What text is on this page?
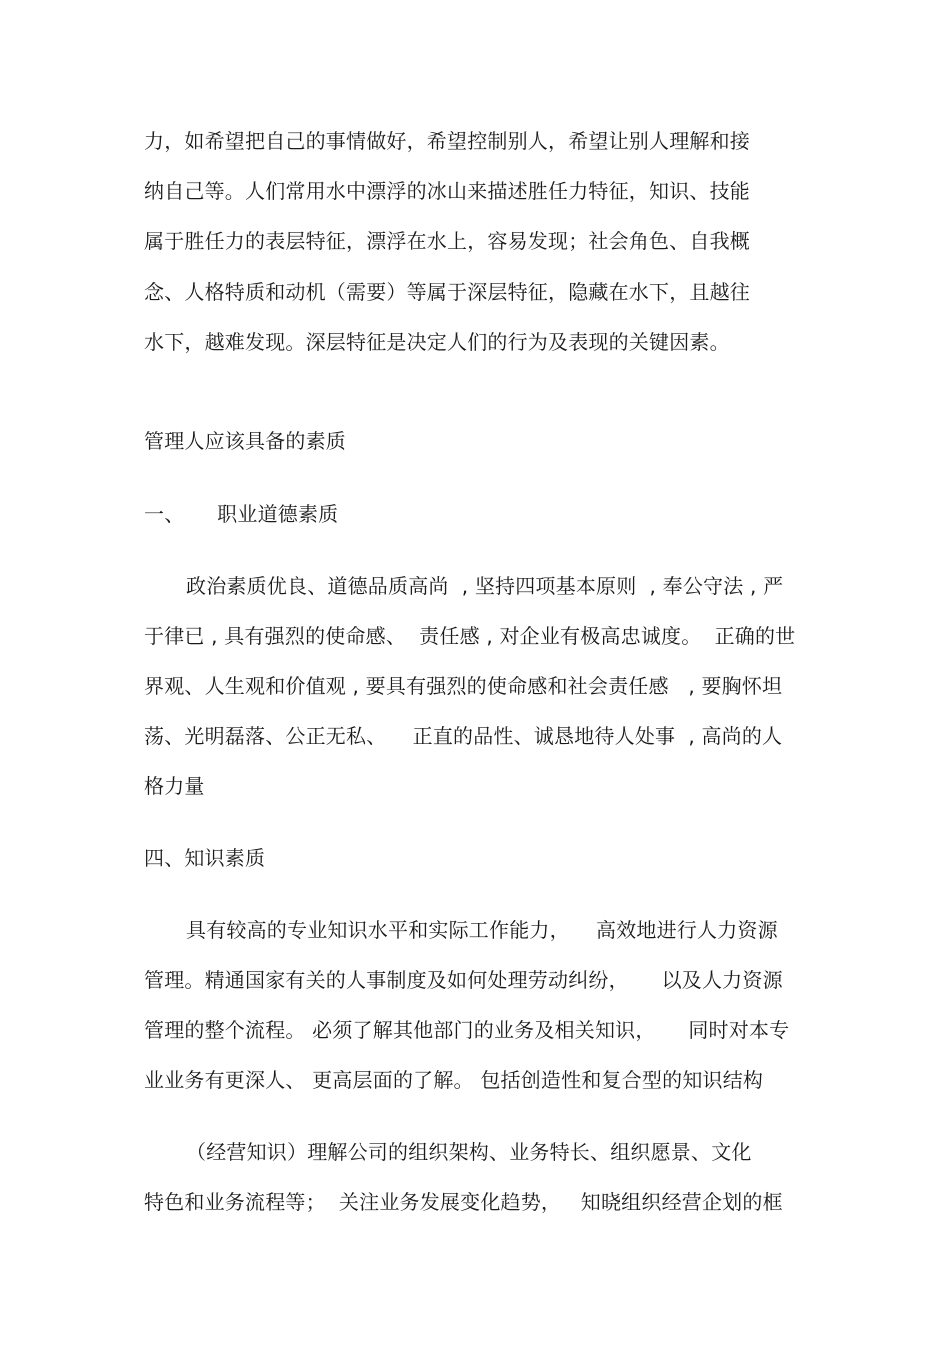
力，如希望把自己的事情做好，希望控制别人，希望让别人理解和接
纳自己等。人们常用水中漂浮的冰山来描述胜任力特征，知识、技能
属于胜任力的表层特征，漂浮在水上，容易发现；社会角色、自我概
念、人格特质和动机（需要）等属于深层特征，隐藏在水下，且越往
水下，越难发现。深层特征是决定人们的行为及表现的关键因素。
管理人应该具备的素质
一、     职业道德素质
政治素质优良、道德品质高尚  , 坚持四项基本原则  , 奉公守法 , 严
于律已 , 具有强烈的使命感、  责任感 , 对企业有极高忠诚度。  正确的世
界观、人生观和价值观 , 要具有强烈的使命感和社会责任感   , 要胸怀坦
荡、光明磊落、公正无私、    正直的品性、诚恳地待人处事  , 高尚的人
格力量
四、知识素质
具有较高的专业知识水平和实际工作能力，    高效地进行人力资源
管理。精通国家有关的人事制度及如何处理劳动纠纷，     以及人力资源
管理的整个流程。 必须了解其他部门的业务及相关知识，     同时对本专
业业务有更深人、 更高层面的了解。 包括创造性和复合型的知识结构
（经营知识）理解公司的组织架构、业务特长、组织愿景、文化
特色和业务流程等；  关注业务发展变化趋势，   知晓组织经营企划的框
